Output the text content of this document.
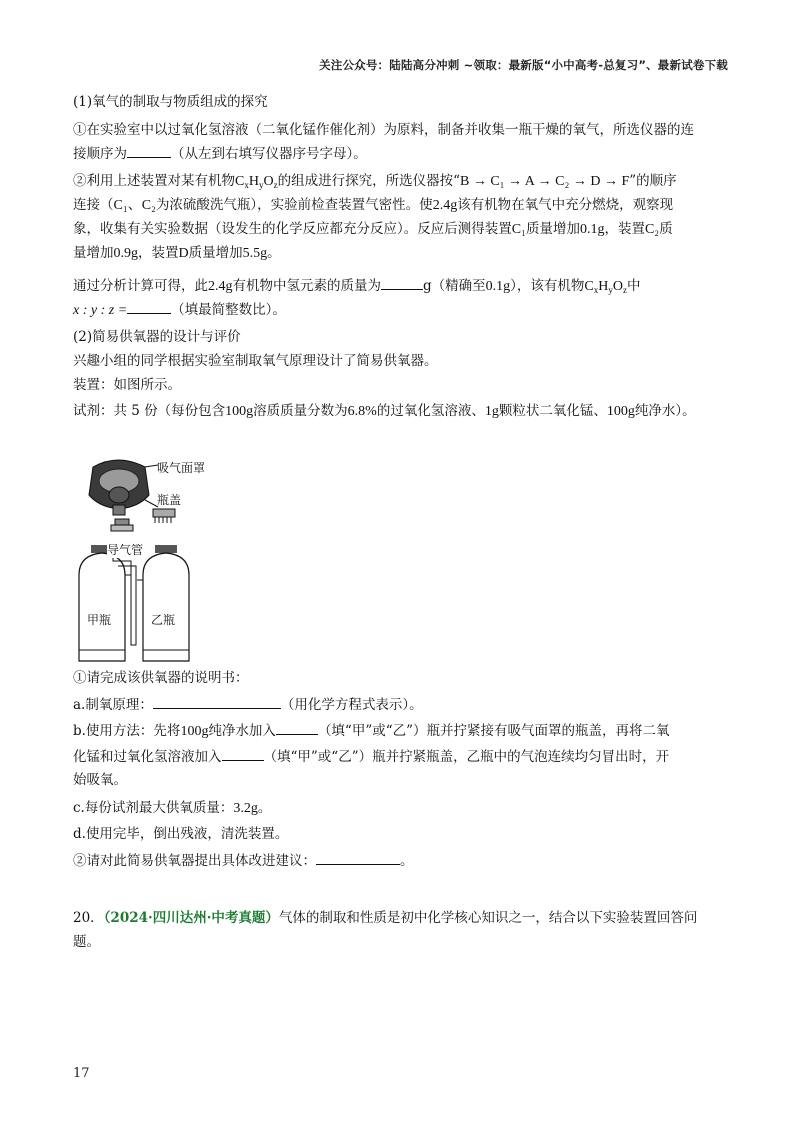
关注公众号：陆陆高分冲刺 ~领取：最新版“小中高考-总复习”、最新试卷下载
(1)氧气的制取与物质组成的探究
①在实验室中以过氧化氢溶液（二氧化锰作催化剂）为原料，制备并收集一瓶干燥的氧气，所选仪器的连
接顺序为	（从左到右填写仪器序号字母）。
②利用上述装置对某有机物$C_xH_yO_z$的组成进行探究，所选仪器按“B → C₁ → A → C₂ → D → F”的顺序
连接（C₁、C₂为浓硫酸洗气瓶），实验前检查装置气密性。使2.4g该有机物在氧气中充分燃烧，观察现
象，收集有关实验数据（设发生的化学反应都充分反应）。反应后测得装置C₁质量增加0.1g，装置C₂质
量增加0.9g，装置D质量增加5.5g。
通过分析计算可得，此2.4g有机物中氢元素的质量为	g（精确至0.1g），该有机物$C_xH_yO_z$中
x : y : z =	（填最简整数比）。
(2)简易供氧器的设计与评价
兴趣小组的同学根据实验室制取氧气原理设计了简易供氧器。
装置：如图所示。
试剂：共 5 份（每份包含100g溶质质量分数为6.8%的过氧化氢溶液、1g颗粒状二氧化锰、100g纯净水）。
吸气面罩
瓶盖
导气管
甲瓶	乙瓶
①请完成该供氧器的说明书：
a.制氧原理：	（用化学方程式表示）。
b.使用方法：先将100g纯净水加入	（填“甲”或“乙”）瓶并拧紧接有吸气面罩的瓶盖，再将二氧
化锰和过氧化氢溶液加入	（填“甲”或“乙”）瓶并拧紧瓶盖，乙瓶中的气泡连续均匀冒出时，开
始吸氧。
c.每份试剂最大供氧质量：3.2g。
d.使用完毕，倒出残液，清洗装置。
②请对此简易供氧器提出具体改进建议：	。
20．（2024·四川达州·中考真题）气体的制取和性质是初中化学核心知识之一，结合以下实验装置回答问
题。
17
